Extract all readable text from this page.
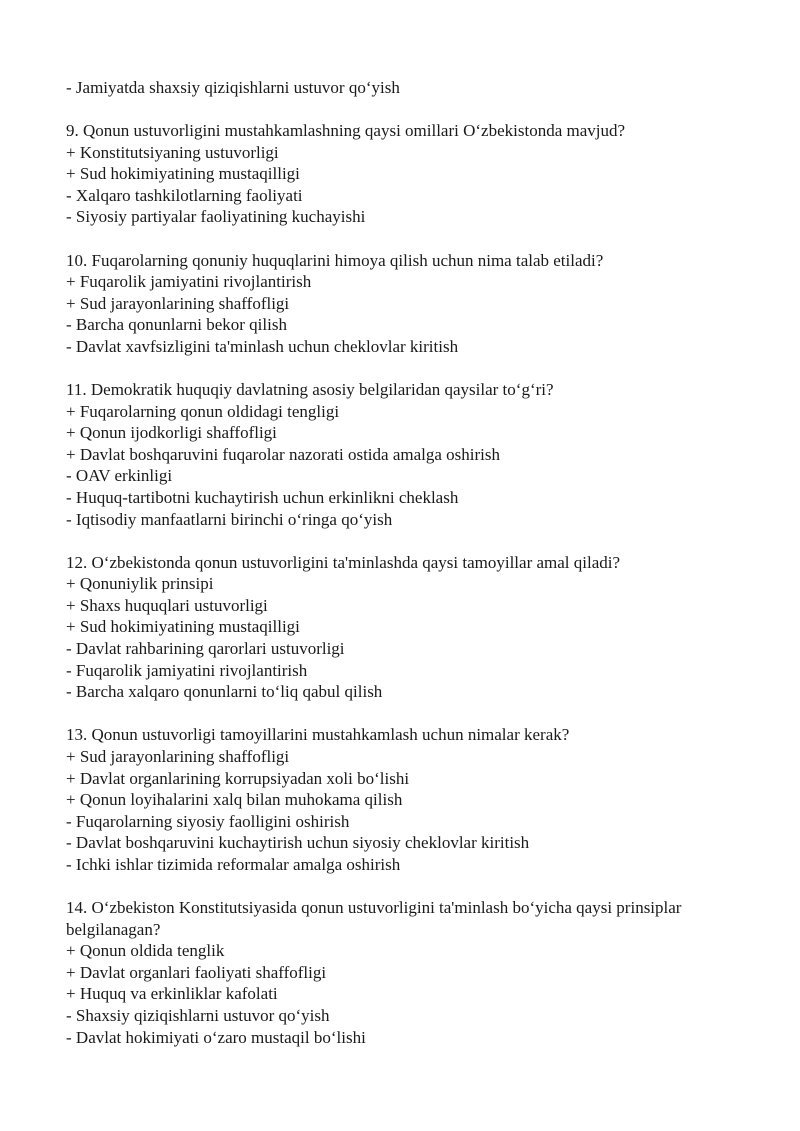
- Jamiyatda shaxsiy qiziqishlarni ustuvor qo‘yish

9. Qonun ustuvorligini mustahkamlashning qaysi omillari O‘zbekistonda mavjud?

+ Konstitutsiyaning ustuvorligi

+ Sud hokimiyatining mustaqilligi

- Xalqaro tashkilotlarning faoliyati

- Siyosiy partiyalar faoliyatining kuchayishi

10. Fuqarolarning qonuniy huquqlarini himoya qilish uchun nima talab etiladi?

+ Fuqarolik jamiyatini rivojlantirish

+ Sud jarayonlarining shaffofligi

- Barcha qonunlarni bekor qilish

- Davlat xavfsizligini ta'minlash uchun cheklovlar kiritish

11. Demokratik huquqiy davlatning asosiy belgilaridan qaysilar to‘g‘ri?

+ Fuqarolarning qonun oldidagi tengligi

+ Qonun ijodkorligi shaffofligi

+ Davlat boshqaruvini fuqarolar nazorati ostida amalga oshirish

- OAV erkinligi

- Huquq-tartibotni kuchaytirish uchun erkinlikni cheklash

- Iqtisodiy manfaatlarni birinchi o‘ringa qo‘yish

12. O‘zbekistonda qonun ustuvorligini ta'minlashda qaysi tamoyillar amal qiladi?

+ Qonuniylik prinsipi

+ Shaxs huquqlari ustuvorligi

+ Sud hokimiyatining mustaqilligi

- Davlat rahbarining qarorlari ustuvorligi

- Fuqarolik jamiyatini rivojlantirish

- Barcha xalqaro qonunlarni to‘liq qabul qilish

13. Qonun ustuvorligi tamoyillarini mustahkamlash uchun nimalar kerak?

+ Sud jarayonlarining shaffofligi

+ Davlat organlarining korrupsiyadan xoli bo‘lishi

+ Qonun loyihalarini xalq bilan muhokama qilish

- Fuqarolarning siyosiy faolligini oshirish

- Davlat boshqaruvini kuchaytirish uchun siyosiy cheklovlar kiritish

- Ichki ishlar tizimida reformalar amalga oshirish

14. O‘zbekiston Konstitutsiyasida qonun ustuvorligini ta'minlash bo‘yicha qaysi prinsiplar belgilanagan?

+ Qonun oldida tenglik

+ Davlat organlari faoliyati shaffofligi

+ Huquq va erkinliklar kafolati

- Shaxsiy qiziqishlarni ustuvor qo‘yish

- Davlat hokimiyati o‘zaro mustaqil bo‘lishi
